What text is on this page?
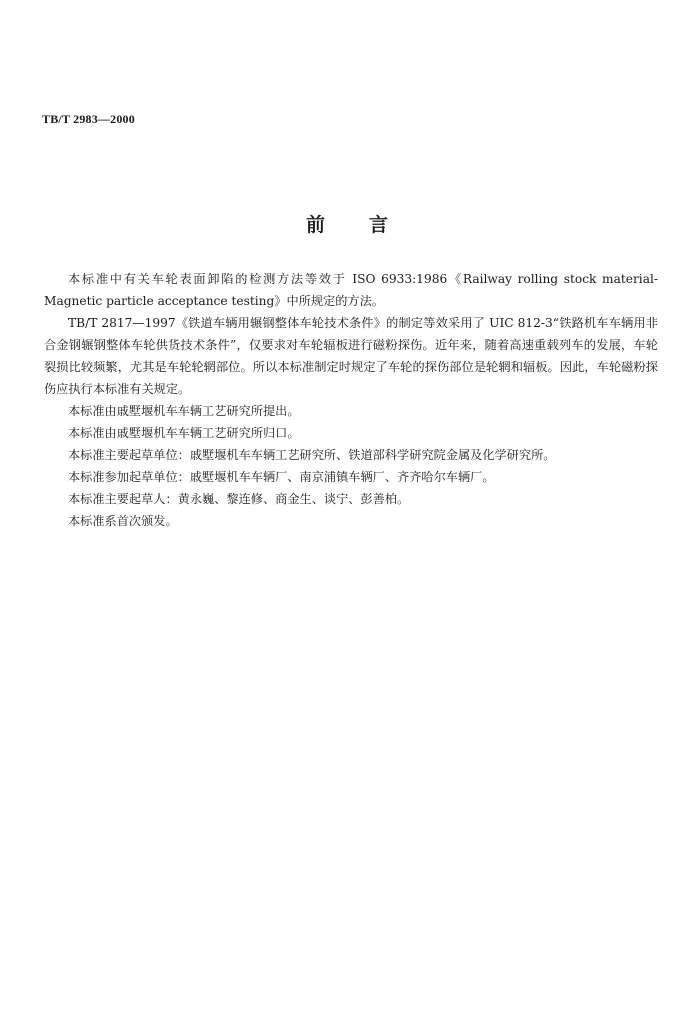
TB/T 2983—2000
前 言

本标准中有关车轮表面卸陷的检测方法等效于 ISO 6933:1986《Railway rolling stock material-Magnetic particle acceptance testing》中所规定的方法。

TB/T 2817—1997《铁道车辆用辗钢整体车轮技术条件》的制定等效采用了 UIC 812-3“铁路机车车辆用非合金钢辗钢整体车轮供货技术条件”，仅要求对车轮辐板进行磁粉探伤。近年来，随着高速重载列车的发展，车轮裂损比较频繁，尤其是车轮轮辋部位。所以本标准制定时规定了车轮的探伤部位是轮辋和辐板。因此，车轮磁粉探伤应执行本标准有关规定。

本标准由戚墅堰机车车辆工艺研究所提出。

本标准由戚墅堰机车车辆工艺研究所归口。

本标准主要起草单位：戚墅堰机车车辆工艺研究所、铁道部科学研究院金属及化学研究所。

本标准参加起草单位：戚墅堰机车车辆厂、南京浦镇车辆厂、齐齐哈尔车辆厂。

本标准主要起草人：黄永巍、黎连修、商金生、谈宁、彭善柏。

本标准系首次颁发。
